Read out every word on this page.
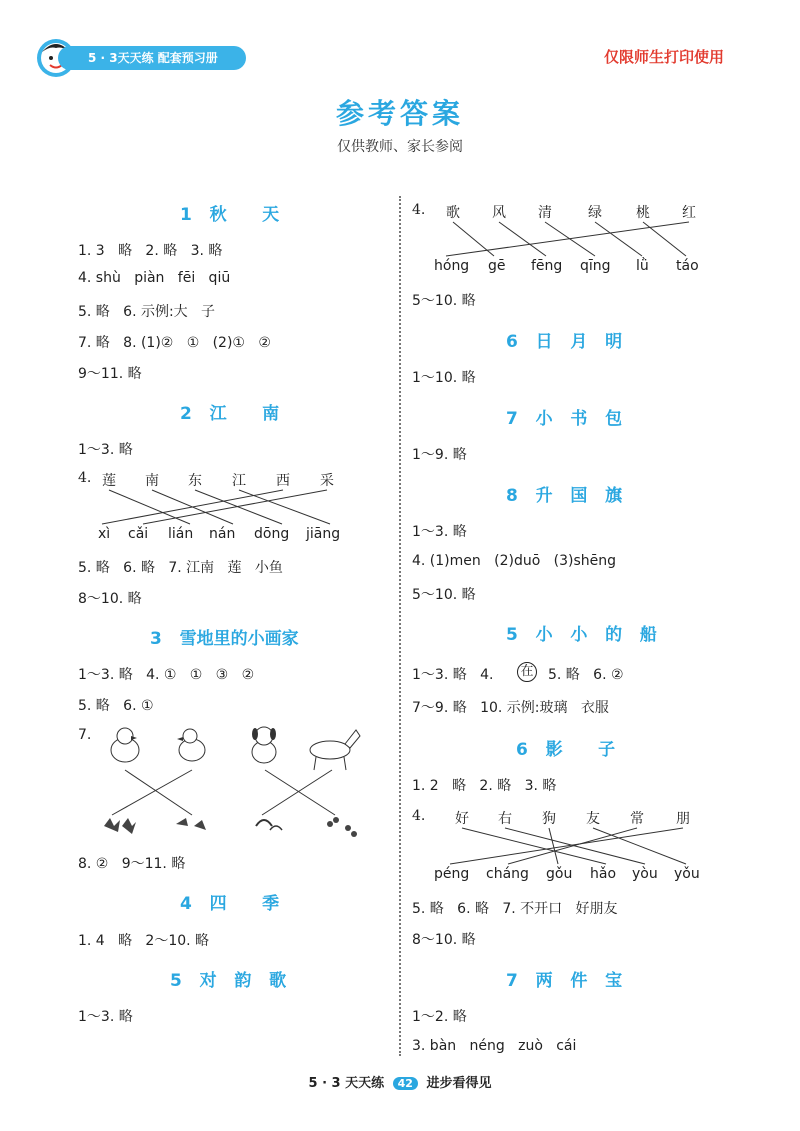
5 · 3天天练 配套预习册	仅限师生打印使用
参考答案
仅供教师、家长参阅
1   秋      天
1. 3   略   2. 略   3. 略
4. shù   piàn   fēi   qiū
5. 略   6. 示例:大   子
7. 略   8. (1)②   ①   (2)①   ②
9～11. 略
2   江      南
1～3. 略
4. 莲 南 东 江 西 采
xì cǎi lián nán dōng jiāng
5. 略   6. 略   7. 江南   莲   小鱼
8～10. 略
3   雪地里的小画家
1～3. 略   4. ①   ①   ③   ②
5. 略   6. ①
7.
8. ②   9～11. 略
4   四      季
1. 4   略   2～10. 略
5   对   韵   歌
1～3. 略
4. 歌 风 清	绿 桃 红
hóng gē fēng qīng lǜ táo
5～10. 略
6   日   月   明
1～10. 略
7   小   书   包
1～9. 略
8   升   国   旗
1～3. 略
4. (1)men   (2)duō   (3)shēng
5～10. 略
5   小   小   的   船
1～3. 略   4. 在 5. 略   6. ②
7～9. 略   10. 示例:玻璃   衣服
6   影      子
1. 2   略   2. 略   3. 略
4. 好 右 狗 友 常 朋
péng cháng gǒu hǎo yòu yǒu
5. 略   6. 略   7. 不开口   好朋友
8～10. 略
7   两   件   宝
1～2. 略
3. bàn   néng   zuò   cái
5 · 3 天天练 42 进步看得见
